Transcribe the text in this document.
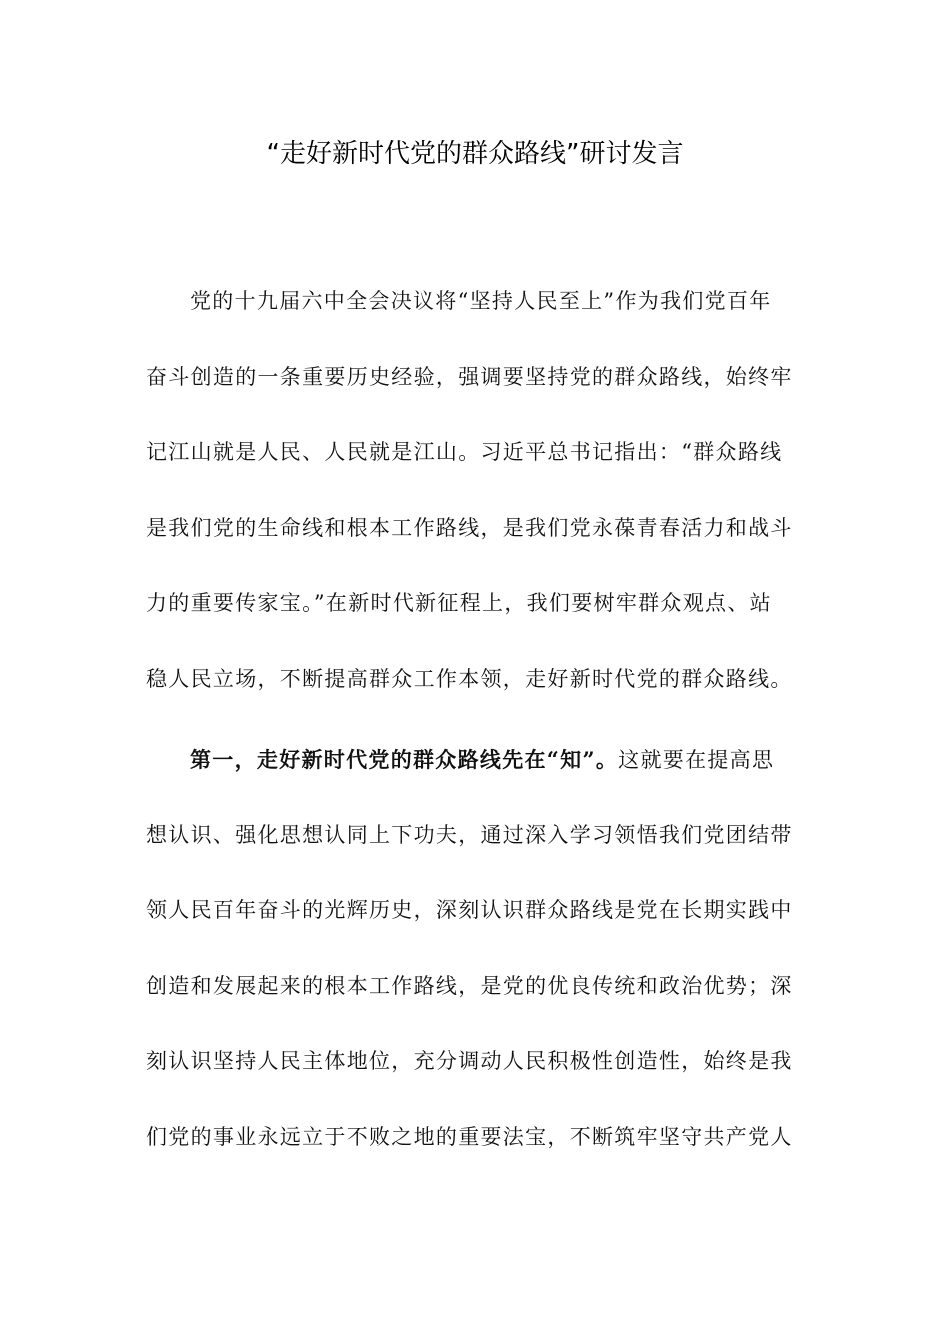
“走好新时代党的群众路线”研讨发言
党的十九届六中全会决议将“坚持人民至上”作为我们党百年
奋斗创造的一条重要历史经验，强调要坚持党的群众路线，始终牢
记江山就是人民、人民就是江山。习近平总书记指出：“群众路线
是我们党的生命线和根本工作路线，是我们党永葆青春活力和战斗
力的重要传家宝。”在新时代新征程上，我们要树牢群众观点、站
稳人民立场，不断提高群众工作本领，走好新时代党的群众路线。
第一，走好新时代党的群众路线先在“知”。这就要在提高思
想认识、强化思想认同上下功夫，通过深入学习领悟我们党团结带
领人民百年奋斗的光辉历史，深刻认识群众路线是党在长期实践中
创造和发展起来的根本工作路线，是党的优良传统和政治优势；深
刻认识坚持人民主体地位，充分调动人民积极性创造性，始终是我
们党的事业永远立于不败之地的重要法宝，不断筑牢坚守共产党人
